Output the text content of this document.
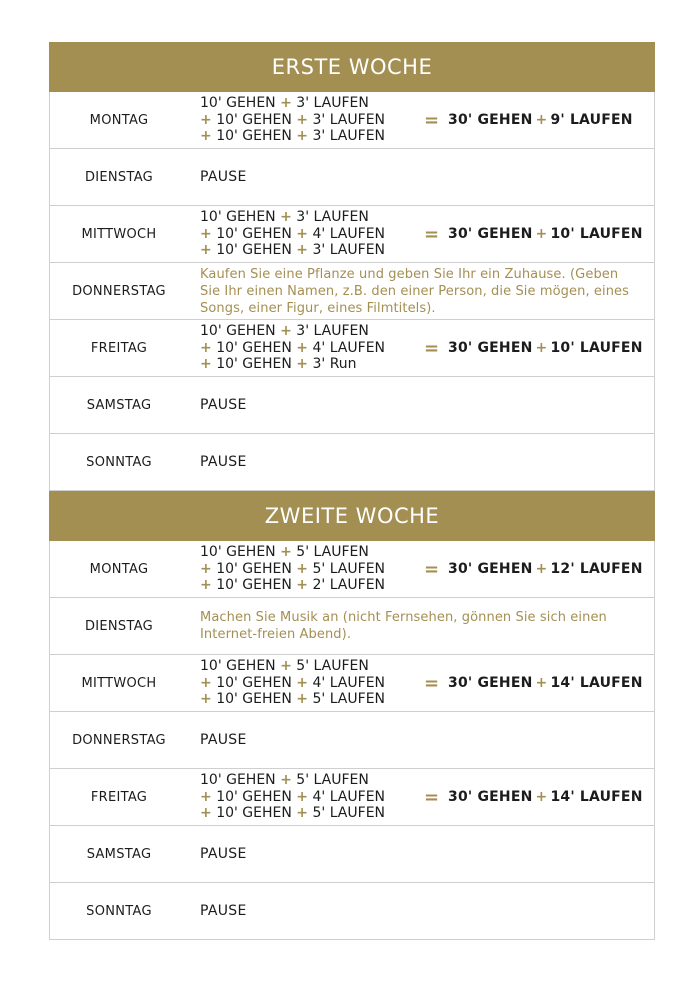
ERSTE WOCHE
MONTAG
10' GEHEN + 3' LAUFEN
+ 10' GEHEN + 3' LAUFEN
+ 10' GEHEN + 3' LAUFEN
= 30' GEHEN + 9' LAUFEN
DIENSTAG	PAUSE
MITTWOCH
10' GEHEN + 3' LAUFEN
+ 10' GEHEN + 4' LAUFEN
+ 10' GEHEN + 3' LAUFEN
= 30' GEHEN + 10' LAUFEN
DONNERSTAG
Kaufen Sie eine Pflanze und geben Sie Ihr ein Zuhause. (Geben Sie Ihr einen Namen, z.B. den einer Person, die Sie mögen, eines Songs, einer Figur, eines Filmtitels).
FREITAG
10' GEHEN + 3' LAUFEN
+ 10' GEHEN + 4' LAUFEN
+ 10' GEHEN + 3' Run
= 30' GEHEN + 10' LAUFEN
SAMSTAG	PAUSE
SONNTAG	PAUSE
ZWEITE WOCHE
MONTAG
10' GEHEN + 5' LAUFEN
+ 10' GEHEN + 5' LAUFEN
+ 10' GEHEN + 2' LAUFEN
= 30' GEHEN + 12' LAUFEN
DIENSTAG
Machen Sie Musik an (nicht Fernsehen, gönnen Sie sich einen Internet-freien Abend).
MITTWOCH
10' GEHEN + 5' LAUFEN
+ 10' GEHEN + 4' LAUFEN
+ 10' GEHEN + 5' LAUFEN
= 30' GEHEN + 14' LAUFEN
DONNERSTAG	PAUSE
FREITAG
10' GEHEN + 5' LAUFEN
+ 10' GEHEN + 4' LAUFEN
+ 10' GEHEN + 5' LAUFEN
= 30' GEHEN + 14' LAUFEN
SAMSTAG	PAUSE
SONNTAG	PAUSE
